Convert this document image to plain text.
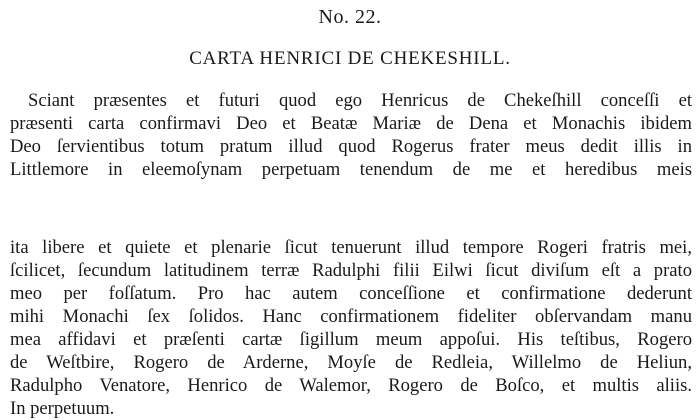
No. 22.
CARTA HENRICI DE CHEKESHILL.
Sciant præsentes et futuri quod ego Henricus de Chekeſhill conceſſi et
præsenti carta confirmavi Deo et Beatæ Mariæ de Dena et Monachis ibidem
Deo ſervientibus totum pratum illud quod Rogerus frater meus dedit illis in
Littlemore in eleemoſynam perpetuam tenendum de me et heredibus meis
ita libere et quiete et plenarie ſicut tenuerunt illud tempore Rogeri fratris mei,
ſcilicet, ſecundum latitudinem terræ Radulphi filii Eilwi ſicut diviſum eſt a prato
meo per foſſatum. Pro hac autem conceſſione et confirmatione dederunt
mihi Monachi ſex ſolidos. Hanc confirmationem fideliter obſervandam manu
mea affidavi et præſenti cartæ ſigillum meum appoſui. His teſtibus, Rogero
de Weſtbire, Rogero de Arderne, Moyſe de Redleia, Willelmo de Heliun,
Radulpho Venatore, Henrico de Walemor, Rogero de Boſco, et multis aliis.
In perpetuum.
